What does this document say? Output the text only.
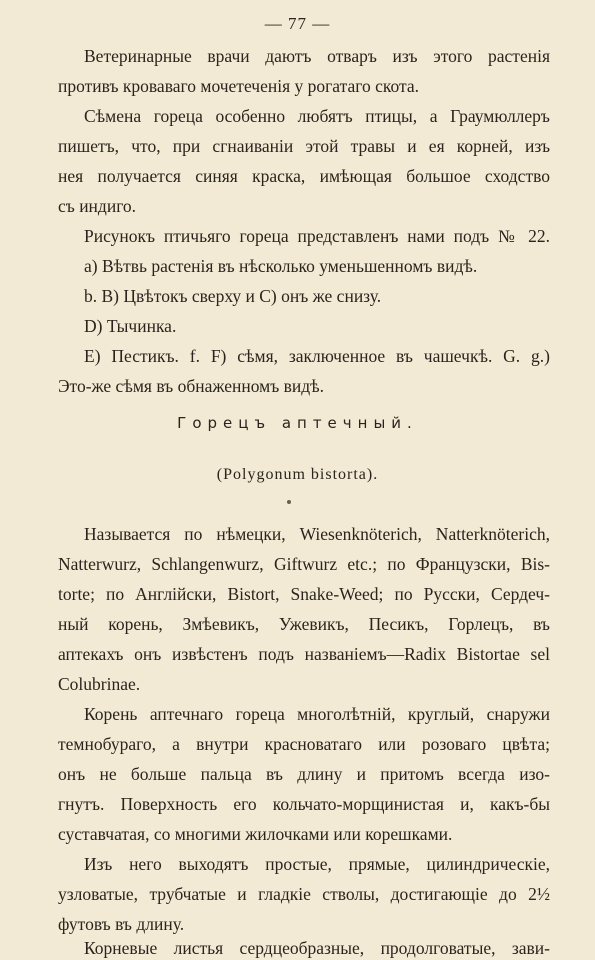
— 77 —
Ветеринарные врачи даютъ отваръ изъ этого растенія
противъ кроваваго мочетеченія у рогатаго скота.
Сѣмена горeца особенно любятъ птицы, а Граумюллеръ
пишетъ, что, при сгнаиваніи этой травы и ея корней, изъ
нея получается синяя краска, имѣющая большое сходство
съ индиго.
Рисунокъ птичьяго горeца представленъ нами подъ № 22.
a) Вѣтвь растенія въ нѣсколько уменьшенномъ видѣ.
b. B) Цвѣтокъ сверху и C) онъ же снизу.
D) Тычинка.
E) Пестикъ. f. F) сѣмя, заключенное въ чашечкѣ. G. g.)
Это-же сѣмя въ обнаженномъ видѣ.
Горецъ аптечный.
(Polygonum bistorta).
Называется по нѣмецки, Wiesenknöterich, Natterknöterich,
Natterwurz, Schlangenwurz, Giftwurz etc.; по Французски, Bis-
torte; по Англійски, Bistort, Snake-Weed; по Русски, Сердеч-
ный корень, Змѣевикъ, Ужевикъ, Песикъ, Горлецъ, въ
аптекахъ онъ извѣстенъ подъ названіемъ—Radix Bistortae sel
Colubrinae.
Корень аптечнаго горeца многолѣтній, круглый, снаружи
темнобураго, а внутри красноватаго или розоваго цвѣта;
онъ не больше пальца въ длину и притомъ всегда изо-
гнутъ. Поверхность его кольчато-морщинистая и, какъ-бы
суставчатая, со многими жилочками или корешками.
Изъ него выходятъ простые, прямые, цилиндрическіе,
узловатые, трубчатые и гладкіе стволы, достигающіе до 2½
футовъ въ длину.
Корневые листья сердцеобразные, продолговатые, зави-
